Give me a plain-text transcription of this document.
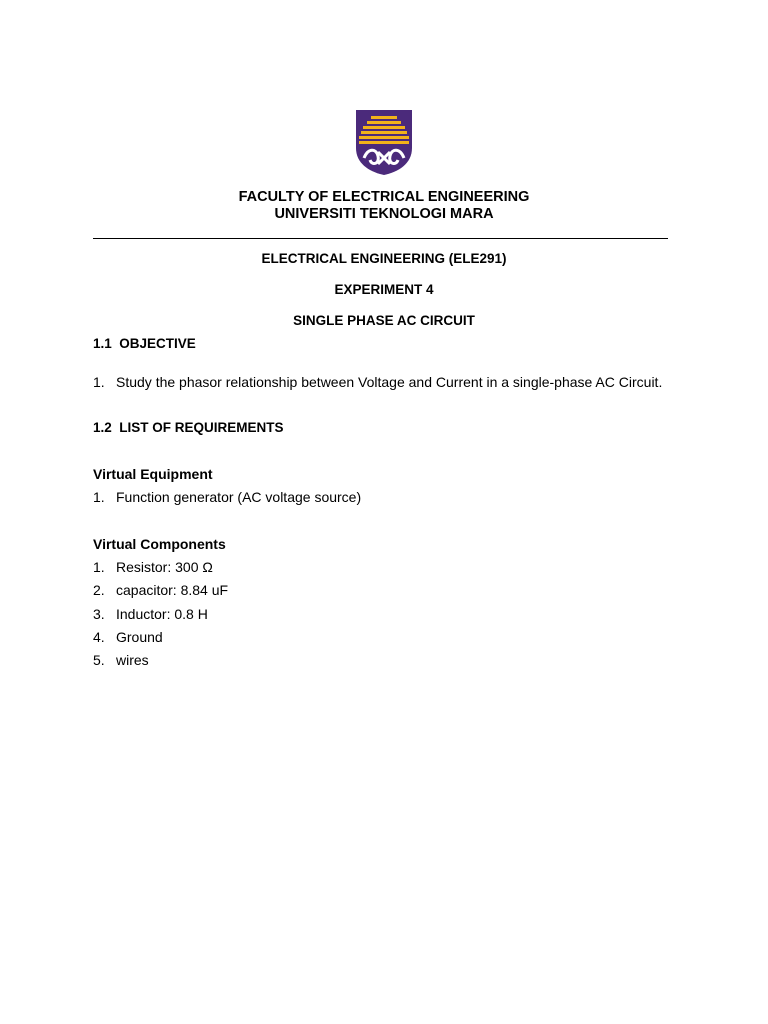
FACULTY OF ELECTRICAL ENGINEERING
UNIVERSITI TEKNOLOGI MARA
ELECTRICAL ENGINEERING (ELE291)
EXPERIMENT 4
SINGLE PHASE AC CIRCUIT
1.1  OBJECTIVE
1. Study the phasor relationship between Voltage and Current in a single-phase AC Circuit.
1.2  LIST OF REQUIREMENTS
Virtual Equipment
1. Function generator (AC voltage source)
Virtual Components
1. Resistor: 300 Ω
2. capacitor: 8.84 uF
3. Inductor: 0.8 H
4. Ground
5. wires
